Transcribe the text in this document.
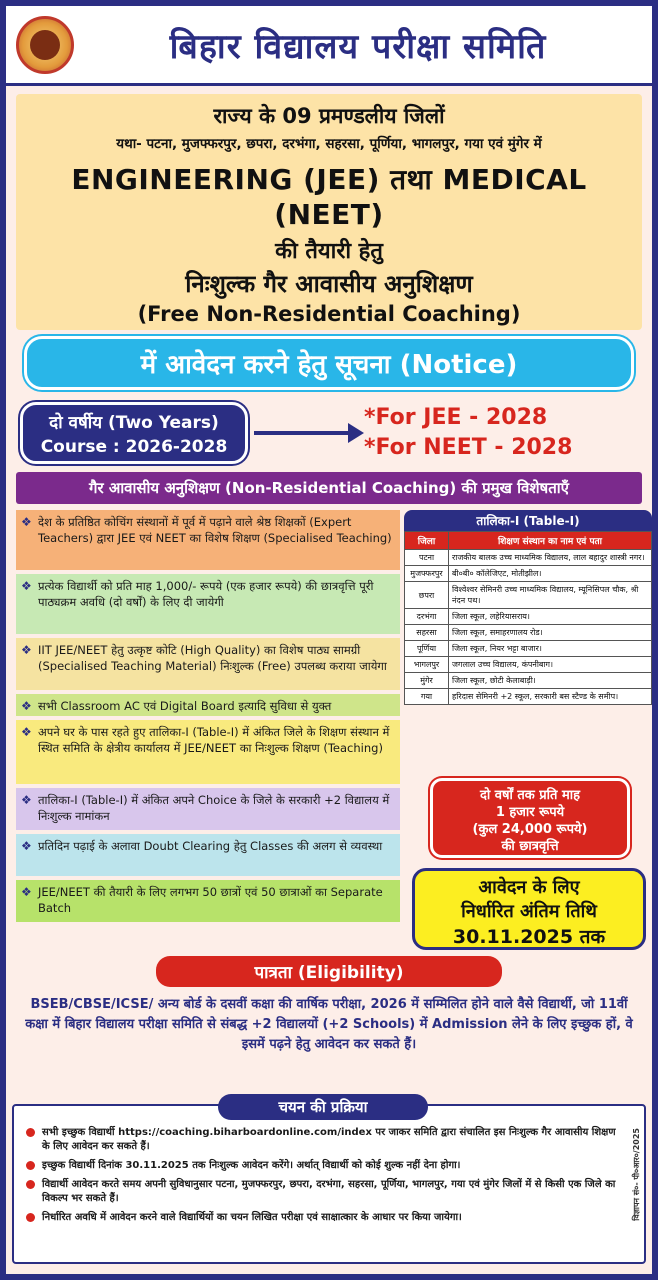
बिहार विद्यालय परीक्षा समिति
राज्य के 09 प्रमण्डलीय जिलों
यथा- पटना, मुजफ्फरपुर, छपरा, दरभंगा, सहरसा, पूर्णिया, भागलपुर, गया एवं मुंगेर में
ENGINEERING (JEE) तथा MEDICAL (NEET)
की तैयारी हेतु
निःशुल्क गैर आवासीय अनुशिक्षण
(Free Non-Residential Coaching)
में आवेदन करने हेतु सूचना (Notice)
दो वर्षीय (Two Years)
Course : 2026-2028
*For JEE - 2028
*For NEET - 2028
गैर आवासीय अनुशिक्षण (Non-Residential Coaching) की प्रमुख विशेषताएँ
❖ देश के प्रतिष्ठित कोचिंग संस्थानों में पूर्व में पढ़ाने वाले श्रेष्ठ शिक्षकों (Expert Teachers) द्वारा JEE एवं NEET का विशेष शिक्षण (Specialised Teaching)
❖ प्रत्येक विद्यार्थी को प्रति माह 1,000/- रूपये (एक हजार रूपये) की छात्रवृत्ति पूरी पाठ्यक्रम अवधि (दो वर्षों) के लिए दी जायेगी
❖ IIT JEE/NEET हेतु उत्कृष्ट कोटि (High Quality) का विशेष पाठ्य सामग्री (Specialised Teaching Material) निःशुल्क (Free) उपलब्ध कराया जायेगा
❖ सभी Classroom AC एवं Digital Board इत्यादि सुविधा से युक्त
❖ अपने घर के पास रहते हुए तालिका-I (Table-I) में अंकित जिले के शिक्षण संस्थान में स्थित समिति के क्षेत्रीय कार्यालय में JEE/NEET का निःशुल्क शिक्षण (Teaching)
❖ तालिका-I (Table-I) में अंकित अपने Choice के जिले के सरकारी +2 विद्यालय में निःशुल्क नामांकन
❖ प्रतिदिन पढ़ाई के अलावा Doubt Clearing हेतु Classes की अलग से व्यवस्था
❖ JEE/NEET की तैयारी के लिए लगभग 50 छात्रों एवं 50 छात्राओं का Separate Batch
तालिका-I (Table-I)
जिला	शिक्षण संस्थान का नाम एवं पता
पटना	राजकीय बालक उच्च माध्यमिक विद्यालय, लाल बहादुर शास्त्री नगर।
मुजफ्फरपुर	बी०बी० कॉलेजिएट, मोतीझील।
छपरा	विश्वेश्वर सेमिनरी उच्च माध्यमिक विद्यालय, म्यूनिसिपल चौक, श्री नंदन पथ।
दरभंगा	जिला स्कूल, लहेरियासराय।
सहरसा	जिला स्कूल, समाहरणालय रोड।
पूर्णिया	जिला स्कूल, नियर भट्टा बाजार।
भागलपुर	जगलाल उच्च विद्यालय, कंपनीबाग।
मुंगेर	जिला स्कूल, छोटी केलाबाड़ी।
गया	हरिदास सेमिनरी +2 स्कूल, सरकारी बस स्टैण्ड के समीप।
दो वर्षों तक प्रति माह
1 हजार रूपये
(कुल 24,000 रूपये)
की छात्रवृत्ति
आवेदन के लिए
निर्धारित अंतिम तिथि
30.11.2025 तक
पात्रता (Eligibility)
BSEB/CBSE/ICSE/ अन्य बोर्ड के दसवीं कक्षा की वार्षिक परीक्षा, 2026 में सम्मिलित होने वाले वैसे विद्यार्थी, जो 11वीं कक्षा में बिहार विद्यालय परीक्षा समिति से संबद्ध +2 विद्यालयों (+2 Schools) में Admission लेने के लिए इच्छुक हों, वे इसमें पढ़ने हेतु आवेदन कर सकते हैं।
सभी इच्छुक विद्यार्थी https://coaching.biharboardonline.com/index पर जाकर समिति द्वारा संचालित इस निःशुल्क गैर आवासीय शिक्षण के लिए आवेदन कर सकते हैं।
इच्छुक विद्यार्थी दिनांक 30.11.2025 तक निःशुल्क आवेदन करेंगे। अर्थात् विद्यार्थी को कोई शुल्क नहीं देना होगा।
विद्यार्थी आवेदन करते समय अपनी सुविधानुसार पटना, मुजफ्फरपुर, छपरा, दरभंगा, सहरसा, पूर्णिया, भागलपुर, गया एवं मुंगेर जिलों में से किसी एक जिले का विकल्प भर सकते हैं।
निर्धारित अवधि में आवेदन करने वाले विद्यार्थियों का चयन लिखित परीक्षा एवं साक्षात्कार के आधार पर किया जायेगा।	विज्ञापन सं०- पी०आर०/2025
चयन की प्रक्रिया
